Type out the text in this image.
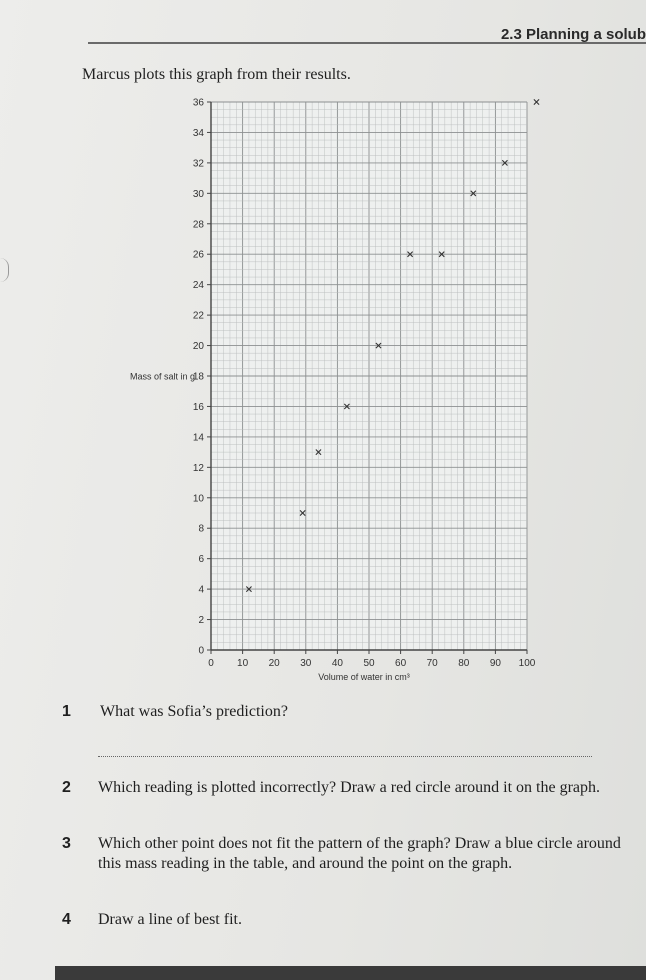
2.3 Planning a solub
Marcus plots this graph from their results.
0
2
4
6
8
10
12
14
16
18
20
22
24
26
28
30
32
34
36
0 10 20 30 40 50 60 70 80 90 100
Volume of water in cm³
Mass of salt in g
1 What was Sofia’s prediction?
2 Which reading is plotted incorrectly? Draw a red circle around it on the graph.
3 Which other point does not fit the pattern of the graph? Draw a blue circle around this mass reading in the table, and around the point on the graph.
4 Draw a line of best fit.
